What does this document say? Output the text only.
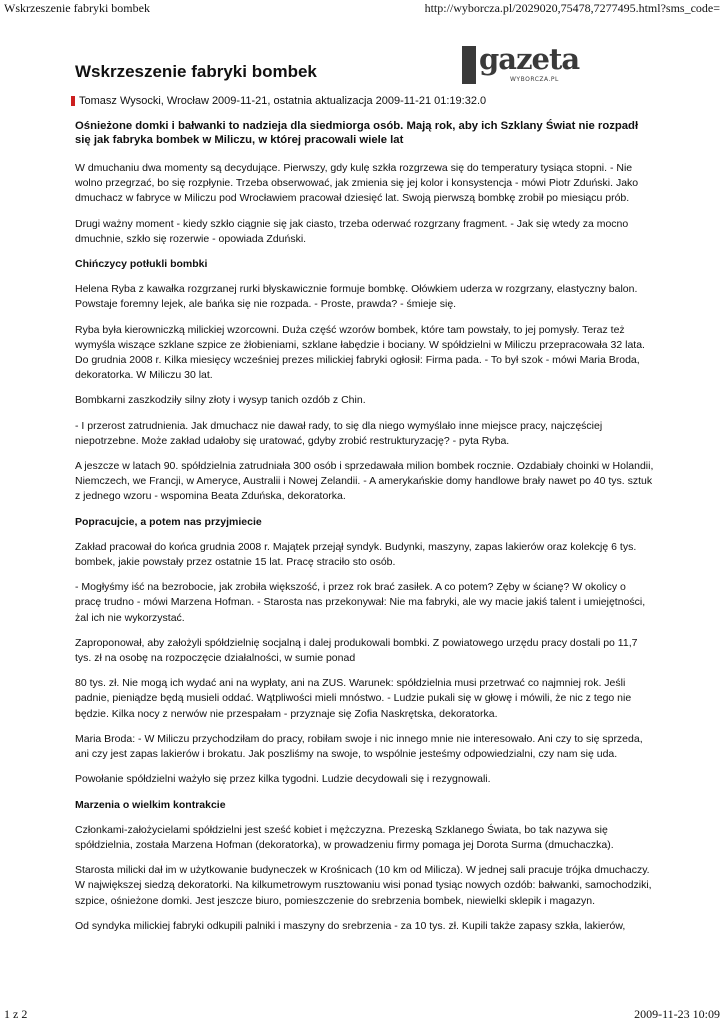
Wskrzeszenie fabryki bombek	http://wyborcza.pl/2029020,75478,7277495.html?sms_code=
gazeta
WYBORCZA.PL
Wskrzeszenie fabryki bombek
Tomasz Wysocki, Wrocław 2009-11-21, ostatnia aktualizacja 2009-11-21 01:19:32.0
Ośnieżone domki i bałwanki to nadzieja dla siedmiorga osób. Mają rok, aby ich Szklany Świat nie rozpadł się jak fabryka bombek w Miliczu, w której pracowali wiele lat
W dmuchaniu dwa momenty są decydujące. Pierwszy, gdy kulę szkła rozgrzewa się do temperatury tysiąca stopni. - Nie wolno przegrzać, bo się rozpłynie. Trzeba obserwować, jak zmienia się jej kolor i konsystencja - mówi Piotr Zduński. Jako dmuchacz w fabryce w Miliczu pod Wrocławiem pracował dziesięć lat. Swoją pierwszą bombkę zrobił po miesiącu prób.
Drugi ważny moment - kiedy szkło ciągnie się jak ciasto, trzeba oderwać rozgrzany fragment. - Jak się wtedy za mocno dmuchnie, szkło się rozerwie - opowiada Zduński.
Chińczycy potłukli bombki
Helena Ryba z kawałka rozgrzanej rurki błyskawicznie formuje bombkę. Ołówkiem uderza w rozgrzany, elastyczny balon. Powstaje foremny lejek, ale bańka się nie rozpada. - Proste, prawda? - śmieje się.
Ryba była kierowniczką milickiej wzorcowni. Duża część wzorów bombek, które tam powstały, to jej pomysły. Teraz też wymyśla wiszące szklane szpice ze żłobieniami, szklane łabędzie i bociany. W spółdzielni w Miliczu przepracowała 32 lata. Do grudnia 2008 r. Kilka miesięcy wcześniej prezes milickiej fabryki ogłosił: Firma pada. - To był szok - mówi Maria Broda, dekoratorka. W Miliczu 30 lat.
Bombkarni zaszkodziły silny złoty i wysyp tanich ozdób z Chin.
- I przerost zatrudnienia. Jak dmuchacz nie dawał rady, to się dla niego wymyślało inne miejsce pracy, najczęściej niepotrzebne. Może zakład udałoby się uratować, gdyby zrobić restrukturyzację? - pyta Ryba.
A jeszcze w latach 90. spółdzielnia zatrudniała 300 osób i sprzedawała milion bombek rocznie. Ozdabiały choinki w Holandii, Niemczech, we Francji, w Ameryce, Australii i Nowej Zelandii. - A amerykańskie domy handlowe brały nawet po 40 tys. sztuk z jednego wzoru - wspomina Beata Zduńska, dekoratorka.
Popracujcie, a potem nas przyjmiecie
Zakład pracował do końca grudnia 2008 r. Majątek przejął syndyk. Budynki, maszyny, zapas lakierów oraz kolekcję 6 tys. bombek, jakie powstały przez ostatnie 15 lat. Pracę straciło sto osób.
- Mogłyśmy iść na bezrobocie, jak zrobiła większość, i przez rok brać zasiłek. A co potem? Zęby w ścianę? W okolicy o pracę trudno - mówi Marzena Hofman. - Starosta nas przekonywał: Nie ma fabryki, ale wy macie jakiś talent i umiejętności, żal ich nie wykorzystać.
Zaproponował, aby założyli spółdzielnię socjalną i dalej produkowali bombki. Z powiatowego urzędu pracy dostali po 11,7 tys. zł na osobę na rozpoczęcie działalności, w sumie ponad
80 tys. zł. Nie mogą ich wydać ani na wypłaty, ani na ZUS. Warunek: spółdzielnia musi przetrwać co najmniej rok. Jeśli padnie, pieniądze będą musieli oddać. Wątpliwości mieli mnóstwo. - Ludzie pukali się w głowę i mówili, że nic z tego nie będzie. Kilka nocy z nerwów nie przespałam - przyznaje się Zofia Naskrętska, dekoratorka.
Maria Broda: - W Miliczu przychodziłam do pracy, robiłam swoje i nic innego mnie nie interesowało. Ani czy to się sprzeda, ani czy jest zapas lakierów i brokatu. Jak poszliśmy na swoje, to wspólnie jesteśmy odpowiedzialni, czy nam się uda.
Powołanie spółdzielni ważyło się przez kilka tygodni. Ludzie decydowali się i rezygnowali.
Marzenia o wielkim kontrakcie
Członkami-założycielami spółdzielni jest sześć kobiet i mężczyzna. Prezeską Szklanego Świata, bo tak nazywa się spółdzielnia, została Marzena Hofman (dekoratorka), w prowadzeniu firmy pomaga jej Dorota Surma (dmuchaczka).
Starosta milicki dał im w użytkowanie budyneczek w Krośnicach (10 km od Milicza). W jednej sali pracuje trójka dmuchaczy. W największej siedzą dekoratorki. Na kilkumetrowym rusztowaniu wisi ponad tysiąc nowych ozdób: bałwanki, samochodziki, szpice, ośnieżone domki. Jest jeszcze biuro, pomieszczenie do srebrzenia bombek, niewielki sklepik i magazyn.
Od syndyka milickiej fabryki odkupili palniki i maszyny do srebrzenia - za 10 tys. zł. Kupili także zapasy szkła, lakierów,
1 z 2	2009-11-23 10:09
